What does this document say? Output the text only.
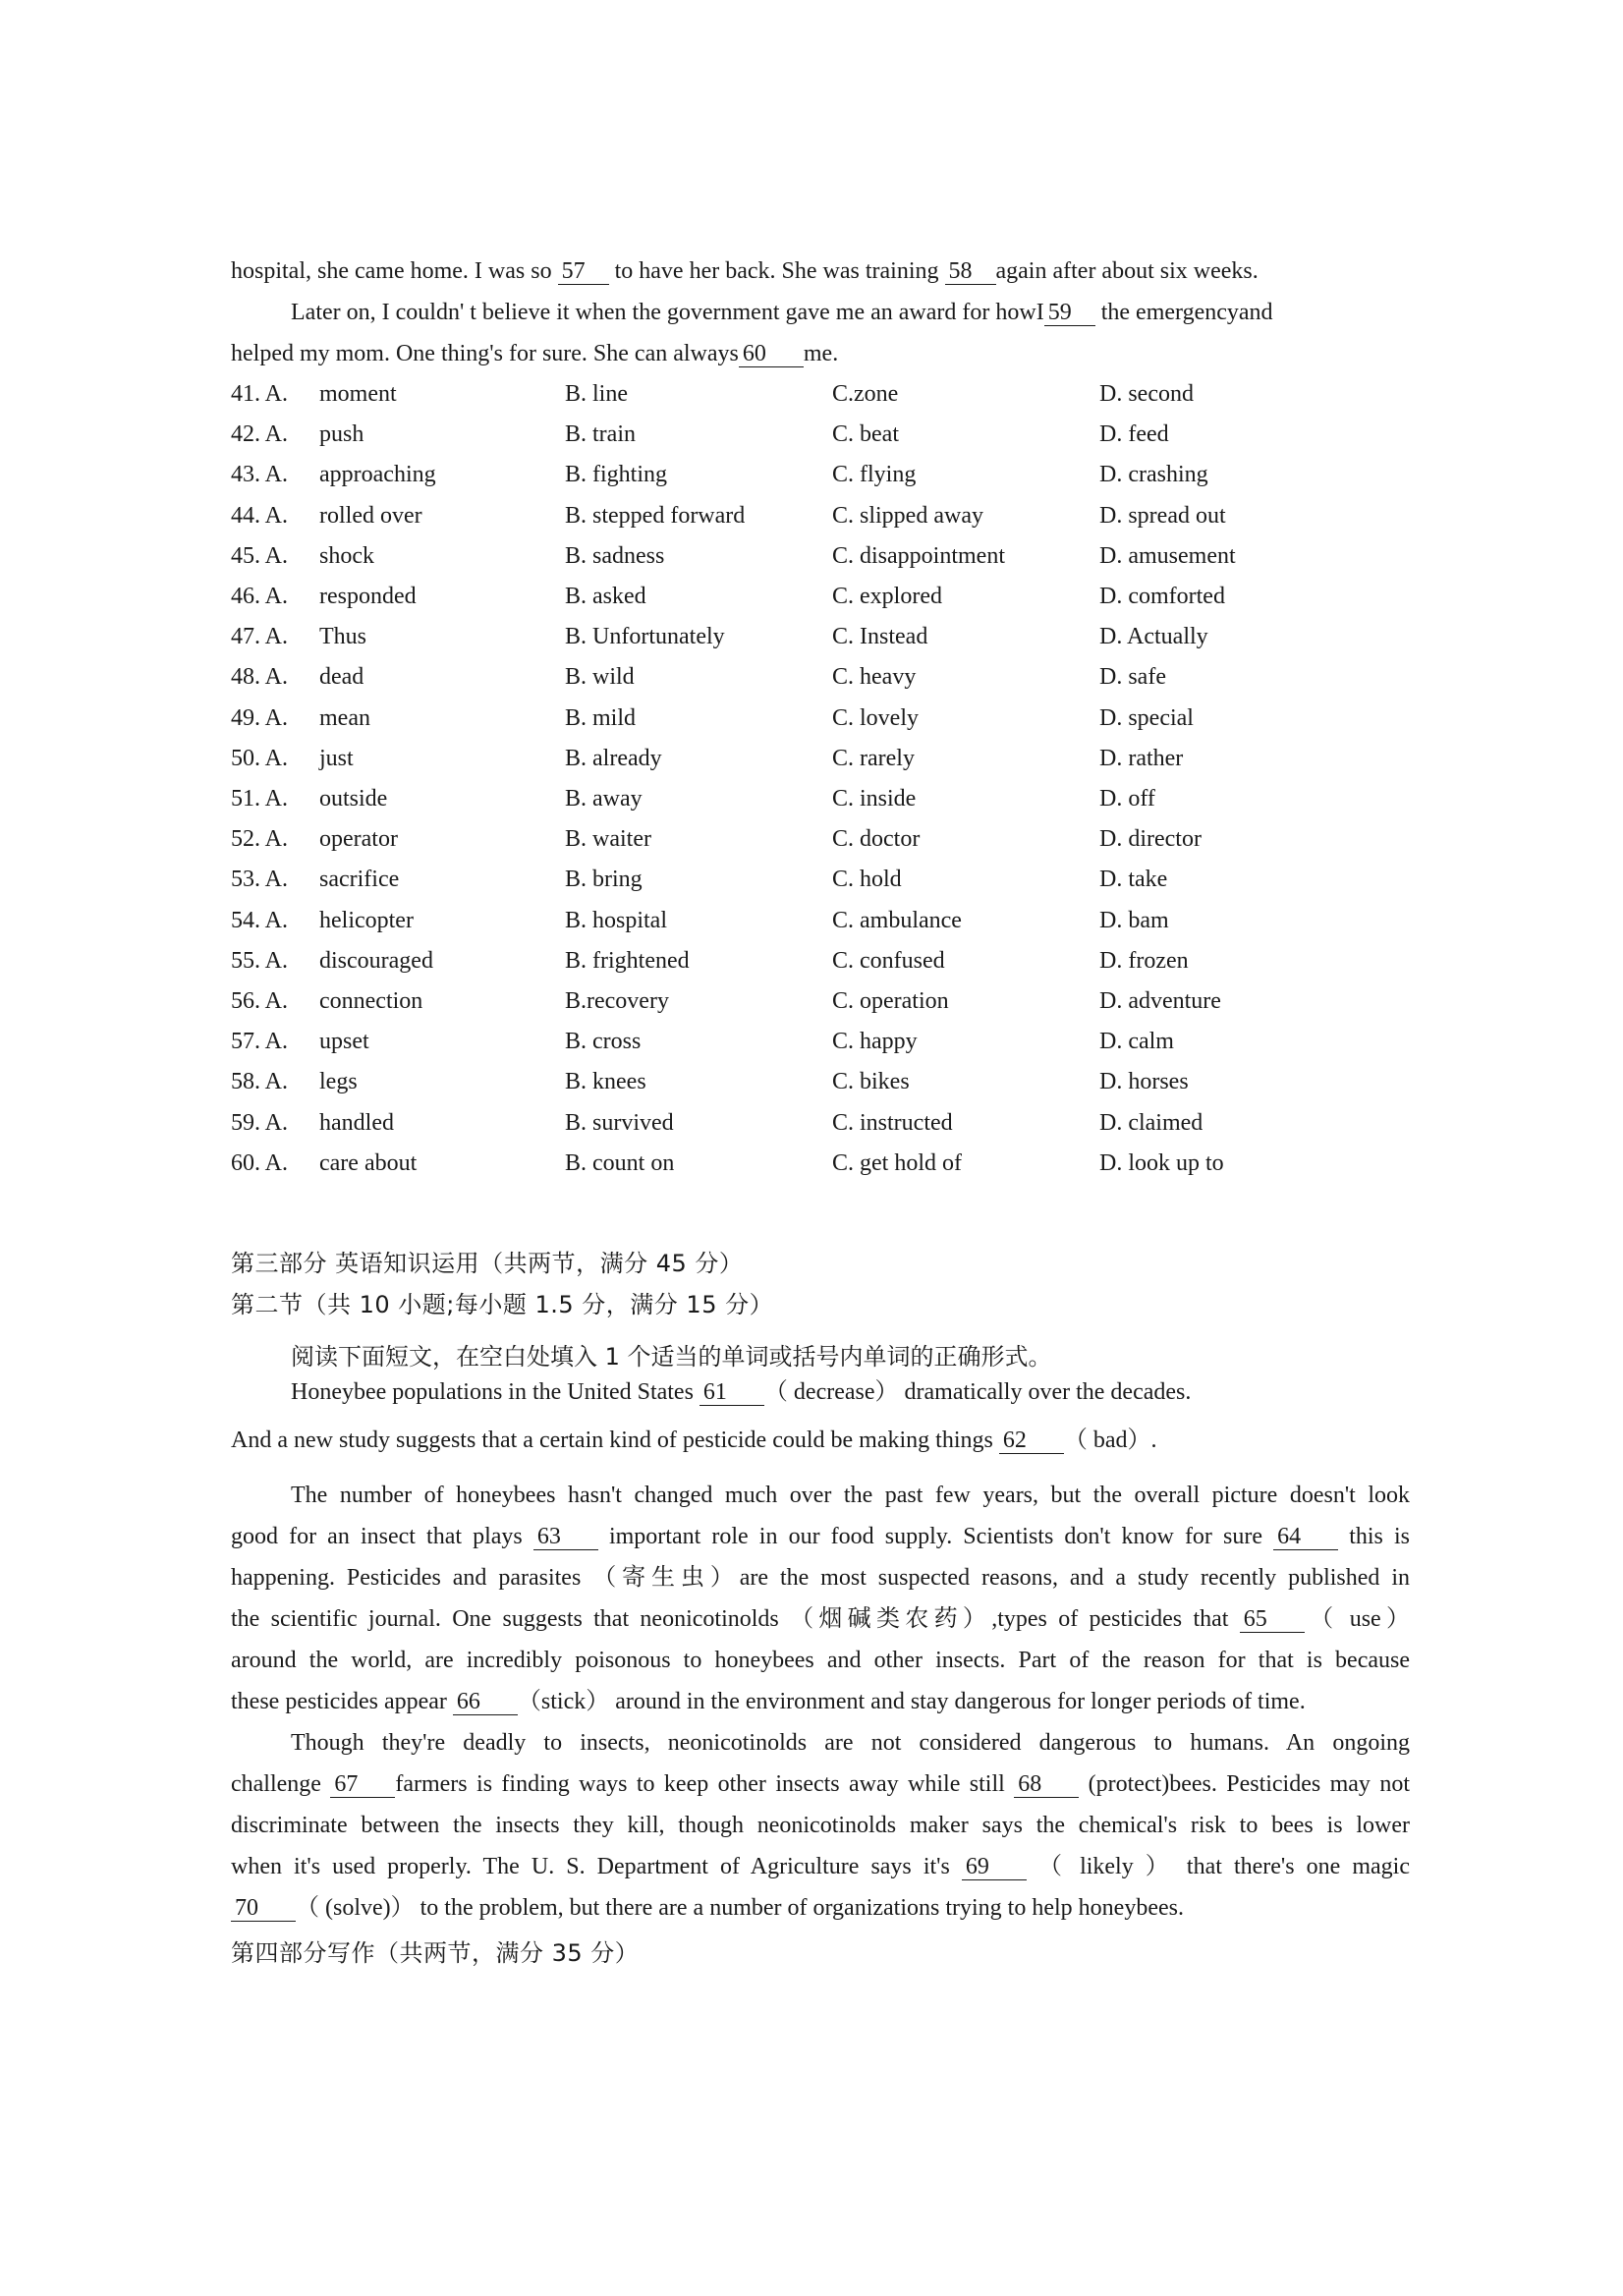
hospital, she came home. I was so 57 to have her back. She was training 58 again after about six weeks.
Later on, I couldn' t believe it when the government gave me an award for howI 59 the emergencyand
helped my mom. One thing's for sure. She can always 60 me.
41. A.	moment	B. line	C.zone	D. second
42. A.	push	B. train	C. beat	D. feed
43. A.	approaching	B. fighting	C. flying	D. crashing
44. A.	rolled over	B. stepped forward	C. slipped away	D. spread out
45. A.	shock	B. sadness	C. disappointment	D. amusement
46. A.	responded	B. asked	C. explored	D. comforted
47. A.	Thus	B. Unfortunately	C. Instead	D. Actually
48. A.	dead	B. wild	C. heavy	D. safe
49. A.	mean	B. mild	C. lovely	D. special
50. A.	just	B. already	C. rarely	D. rather
51. A.	outside	B. away	C. inside	D. off
52. A.	operator	B. waiter	C. doctor	D. director
53. A.	sacrifice	B. bring	C. hold	D. take
54. A.	helicopter	B. hospital	C. ambulance	D. bam
55. A.	discouraged	B. frightened	C. confused	D. frozen
56. A.	connection	B.recovery	C. operation	D. adventure
57. A.	upset	B. cross	C. happy	D. calm
58. A.	legs	B. knees	C. bikes	D. horses
59. A.	handled	B. survived	C. instructed	D. claimed
60. A.	care about	B. count on	C. get hold of	D. look up to
第三部分 英语知识运用（共两节，满分 45 分）
第二节（共 10 小题;每小题 1.5 分，满分 15 分）
阅读下面短文，在空白处填入 1 个适当的单词或括号内单词的正确形式。
Honeybee populations in the United States 61 （ decrease） dramatically over the decades.
And a new study suggests that a certain kind of pesticide could be making things 62 （ bad）.
The number of honeybees hasn't changed much over the past few years, but the overall picture doesn't look
good for an insect that plays 63 important role in our food supply. Scientists don't know for sure 64 this is
happening. Pesticides and parasites （寄生虫）are the most suspected reasons, and a study recently published in
the scientific journal. One suggests that neonicotinolds （烟碱类农药）,types of pesticides that 65 （ use）
around the world, are incredibly poisonous to honeybees and other insects. Part of the reason for that is because
these pesticides appear 66 （stick） around in the environment and stay dangerous for longer periods of time.
Though they're deadly to insects, neonicotinolds are not considered dangerous to humans. An ongoing
challenge 67 farmers is finding ways to keep other insects away while still 68 (protect)bees. Pesticides may not
discriminate between the insects they kill, though neonicotinolds maker says the chemical's risk to bees is lower
when it's used properly. The U. S. Department of Agriculture says it's 69 （ likely ） that there's one magic
70 （ (solve)） to the problem, but there are a number of organizations trying to help honeybees.
第四部分写作（共两节，满分 35 分）
